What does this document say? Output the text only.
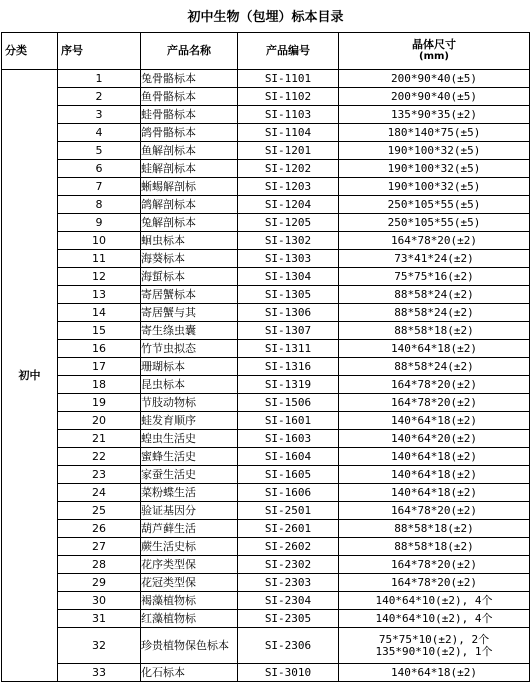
初中生物（包埋）标本目录
分类	序号	产品名称	产品编号	晶体尺寸
(mm)

初中	1	兔骨骼标本	SI-1101	200*90*40(±5)
	2	鱼骨骼标本	SI-1102	200*90*40(±5)
	3	蛙骨骼标本	SI-1103	135*90*35(±2)
	4	鸽骨骼标本	SI-1104	180*140*75(±5)
	5	鱼解剖标本	SI-1201	190*100*32(±5)
	6	蛙解剖标本	SI-1202	190*100*32(±5)
	7	蜥蜴解剖标	SI-1203	190*100*32(±5)
	8	鸽解剖标本	SI-1204	250*105*55(±5)
	9	兔解剖标本	SI-1205	250*105*55(±5)
	10	蛔虫标本	SI-1302	164*78*20(±2)
	11	海葵标本	SI-1303	73*41*24(±2)
	12	海蜇标本	SI-1304	75*75*16(±2)
	13	寄居蟹标本	SI-1305	88*58*24(±2)
	14	寄居蟹与其	SI-1306	88*58*24(±2)
	15	寄生绦虫囊	SI-1307	88*58*18(±2)
	16	竹节虫拟态	SI-1311	140*64*18(±2)
	17	珊瑚标本	SI-1316	88*58*24(±2)
	18	昆虫标本	SI-1319	164*78*20(±2)
	19	节肢动物标	SI-1506	164*78*20(±2)
	20	蛙发育顺序	SI-1601	140*64*18(±2)
	21	蝗虫生活史	SI-1603	140*64*20(±2)
	22	蜜蜂生活史	SI-1604	140*64*18(±2)
	23	家蚕生活史	SI-1605	140*64*18(±2)
	24	菜粉蝶生活	SI-1606	140*64*18(±2)
	25	验证基因分	SI-2501	164*78*20(±2)
	26	葫芦藓生活	SI-2601	88*58*18(±2)
	27	蕨生活史标	SI-2602	88*58*18(±2)
	28	花序类型保	SI-2302	164*78*20(±2)
	29	花冠类型保	SI-2303	164*78*20(±2)
	30	褐藻植物标	SI-2304	140*64*10(±2), 4个
	31	红藻植物标	SI-2305	140*64*10(±2), 4个
	32	珍贵植物保色标本	SI-2306	75*75*10(±2), 2个
135*90*10(±2), 1个

	33	化石标本	SI-3010	140*64*18(±2)
